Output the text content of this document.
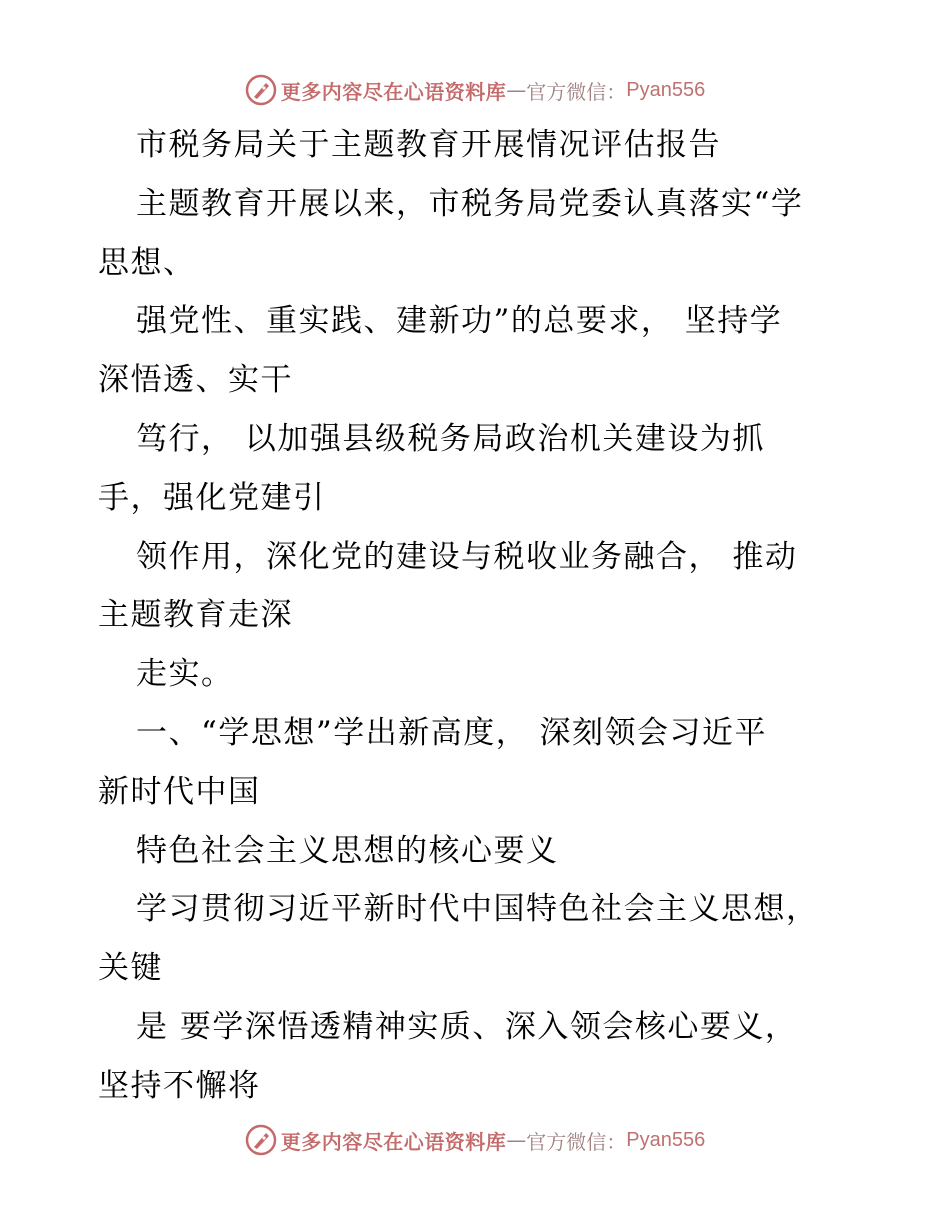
更多内容尽在心语资料库 — 官方微信： Pyan556
市税务局关于主题教育开展情况评估报告
主题教育开展以来，市税务局党委认真落实“学
思想、
强党性、重实践、建新功”的总要求， 坚持学
深悟透、实干
笃行， 以加强县级税务局政治机关建设为抓
手，强化党建引
领作用，深化党的建设与税收业务融合， 推动
主题教育走深
走实。
一、“学思想”学出新高度， 深刻领会习近平
新时代中国
特色社会主义思想的核心要义
学习贯彻习近平新时代中国特色社会主义思想，
关键
是 要学深悟透精神实质、深入领会核心要义，
坚持不懈将
更多内容尽在心语资料库 — 官方微信： Pyan556
